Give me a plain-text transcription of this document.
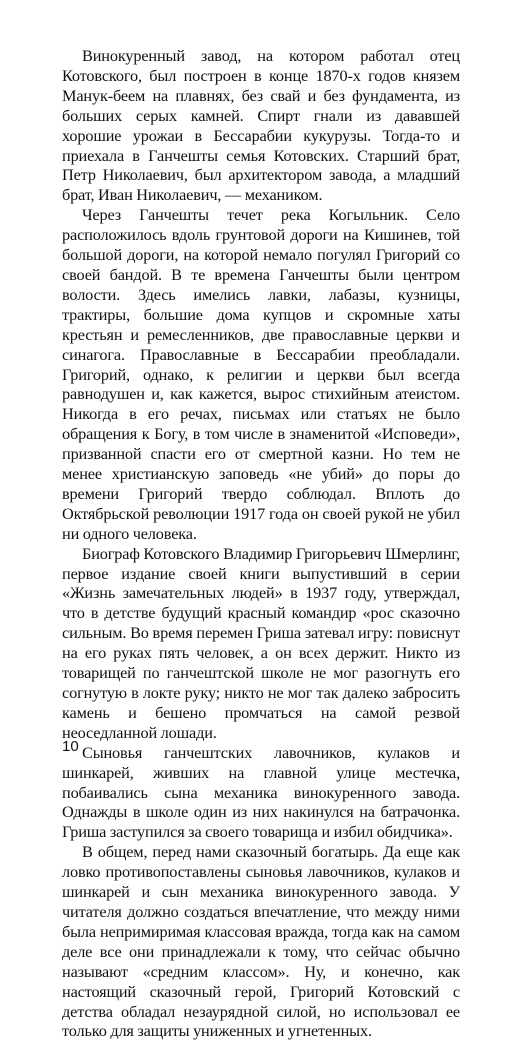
Винокуренный завод, на котором работал отец Котовского, был построен в конце 1870-х годов князем Манук-беем на плавнях, без свай и без фундамента, из больших серых камней. Спирт гнали из дававшей хорошие урожаи в Бессарабии кукурузы. Тогда-то и приехала в Ганчешты семья Котовских. Старший брат, Петр Николаевич, был архитектором завода, а младший брат, Иван Николаевич, — механиком.

Через Ганчешты течет река Когыльник. Село расположилось вдоль грунтовой дороги на Кишинев, той большой дороги, на которой немало погулял Григорий со своей бандой. В те времена Ганчешты были центром волости. Здесь имелись лавки, лабазы, кузницы, трактиры, большие дома купцов и скромные хаты крестьян и ремесленников, две православные церкви и синагога. Православные в Бессарабии преобладали. Григорий, однако, к религии и церкви был всегда равнодушен и, как кажется, вырос стихийным атеистом. Никогда в его речах, письмах или статьях не было обращения к Богу, в том числе в знаменитой «Исповеди», призванной спасти его от смертной казни. Но тем не менее христианскую заповедь «не убий» до поры до времени Григорий твердо соблюдал. Вплоть до Октябрьской революции 1917 года он своей рукой не убил ни одного человека.

Биограф Котовского Владимир Григорьевич Шмерлинг, первое издание своей книги выпустивший в серии «Жизнь замечательных людей» в 1937 году, утверждал, что в детстве будущий красный командир «рос сказочно сильным. Во время перемен Гриша затевал игру: повиснут на его руках пять человек, а он всех держит. Никто из товарищей по ганчештской школе не мог разогнуть его согнутую в локте руку; никто не мог так далеко забросить камень и бешено промчаться на самой резвой неоседланной лошади.

Сыновья ганчештских лавочников, кулаков и шинкарей, живших на главной улице местечка, побаивались сына механика винокуренного завода. Однажды в школе один из них накинулся на батрачонка. Гриша заступился за своего товарища и избил обидчика».

В общем, перед нами сказочный богатырь. Да еще как ловко противопоставлены сыновья лавочников, кулаков и шинкарей и сын механика винокуренного завода. У читателя должно создаться впечатление, что между ними была непримиримая классовая вражда, тогда как на самом деле все они принадлежали к тому, что сейчас обычно называют «средним классом». Ну, и конечно, как настоящий сказочный герой, Григорий Котовский с детства обладал незаурядной силой, но использовал ее только для защиты униженных и угнетенных.

10
